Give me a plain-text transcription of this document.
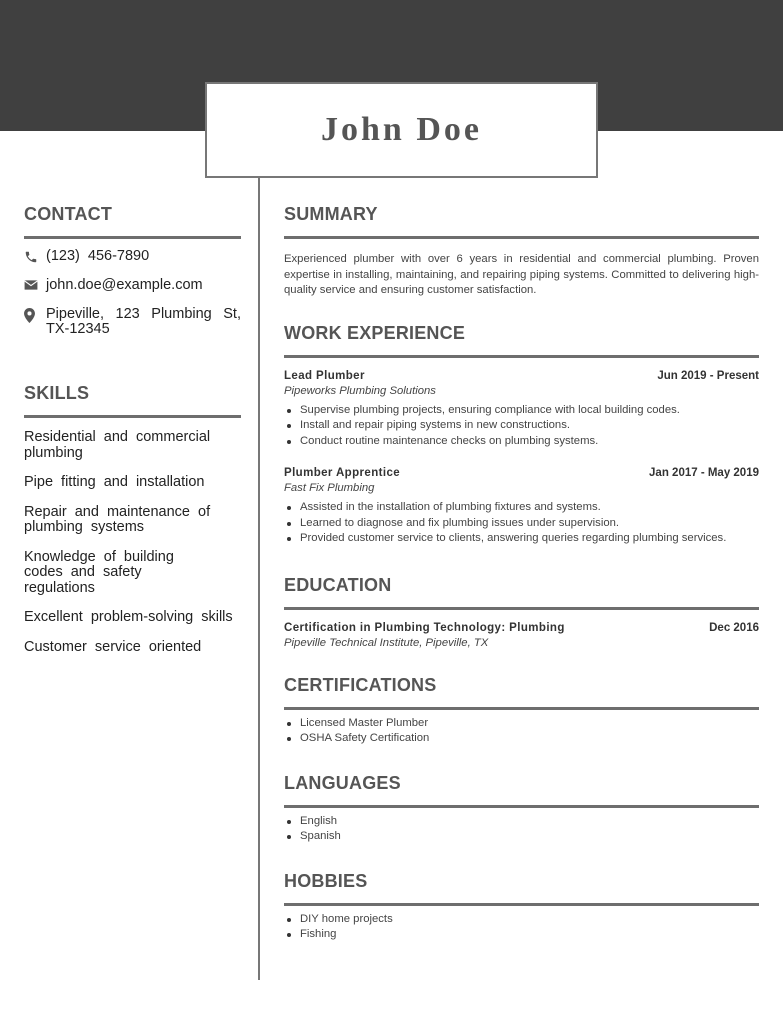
John Doe
CONTACT
(123) 456-7890
john.doe@example.com
Pipeville, 123 Plumbing St, TX-12345
SKILLS
Residential and commercial plumbing
Pipe fitting and installation
Repair and maintenance of plumbing systems
Knowledge of building codes and safety regulations
Excellent problem-solving skills
Customer service oriented
SUMMARY

Experienced plumber with over 6 years in residential and commercial plumbing. Proven expertise in installing, maintaining, and repairing piping systems. Committed to delivering high-quality service and ensuring customer satisfaction.

WORK EXPERIENCE
Lead Plumber	Jun 2019 - Present
Pipeworks Plumbing Solutions
Supervise plumbing projects, ensuring compliance with local building codes.
Install and repair piping systems in new constructions.
Conduct routine maintenance checks on plumbing systems.
Plumber Apprentice	Jan 2017 - May 2019
Fast Fix Plumbing
Assisted in the installation of plumbing fixtures and systems.
Learned to diagnose and fix plumbing issues under supervision.
Provided customer service to clients, answering queries regarding plumbing services.
EDUCATION
Certification in Plumbing Technology: Plumbing	Dec 2016
Pipeville Technical Institute, Pipeville, TX
CERTIFICATIONS
Licensed Master Plumber
OSHA Safety Certification
LANGUAGES
English
Spanish
HOBBIES
DIY home projects
Fishing
